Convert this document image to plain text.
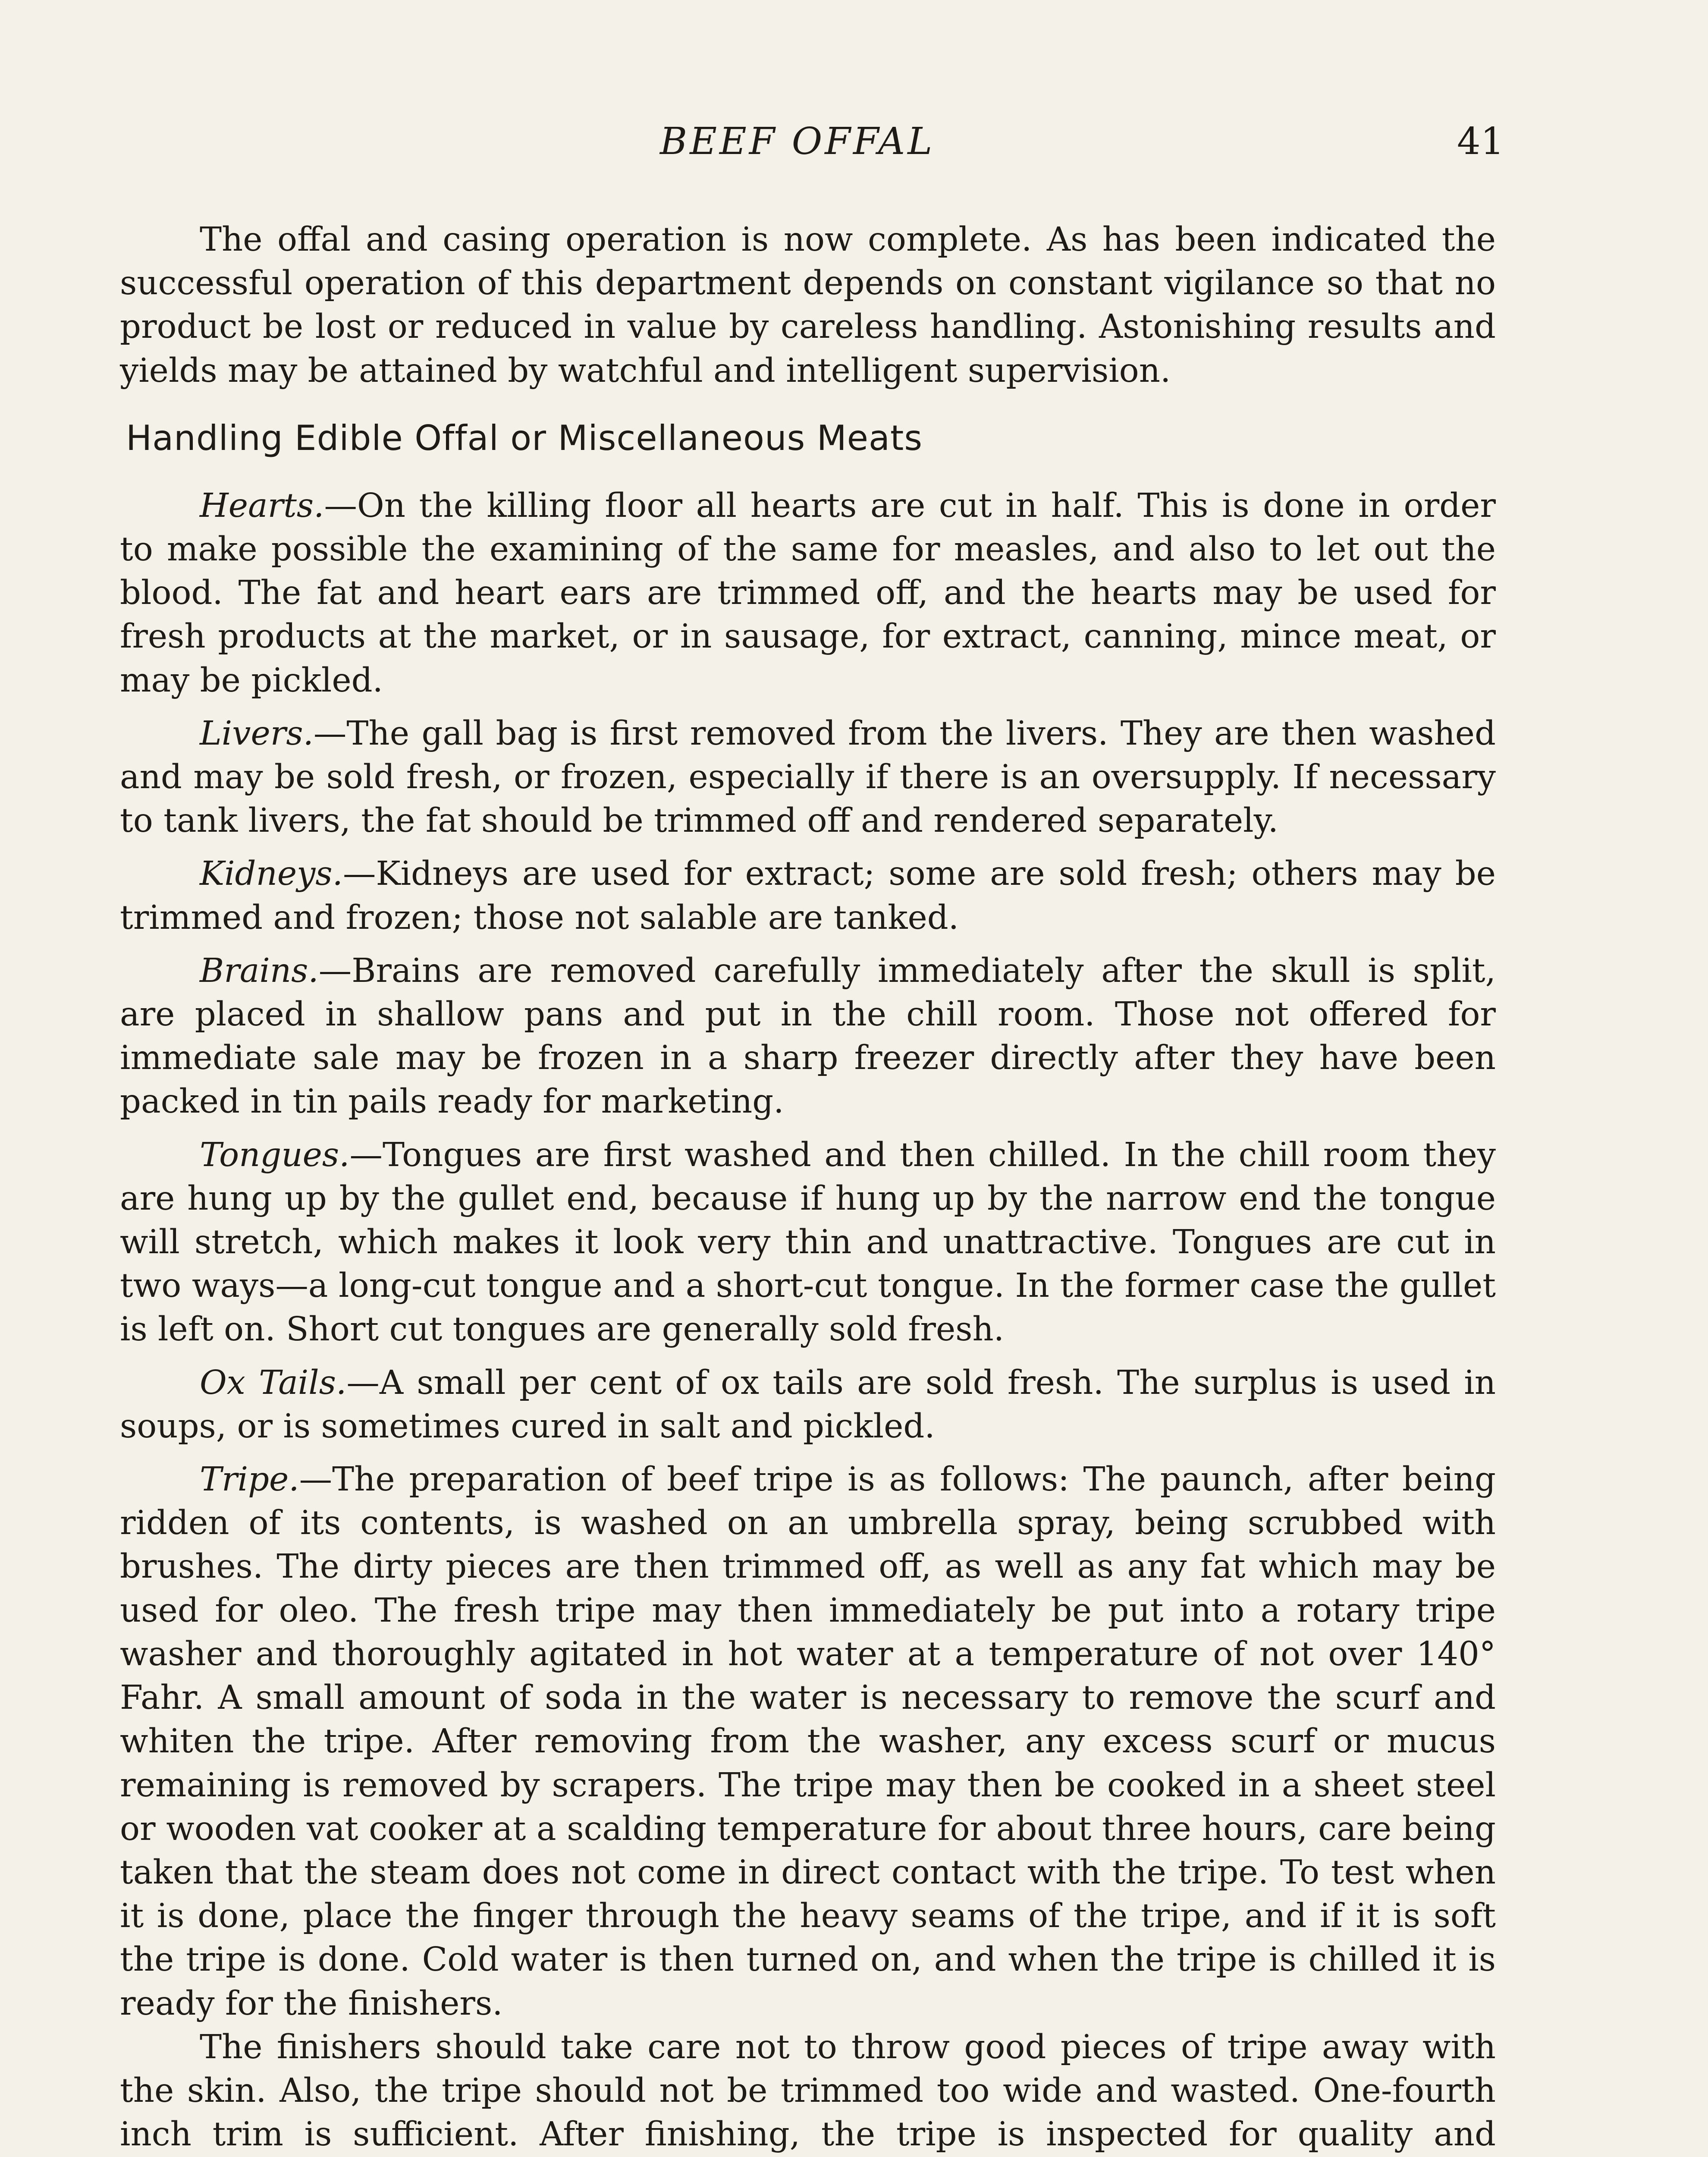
BEEF OFFAL	41

The offal and casing operation is now complete. As has been indicated the successful operation of this department depends on constant vigilance so that no product be lost or reduced in value by careless handling. Astonishing results and yields may be attained by watchful and intelligent supervision.

Handling Edible Offal or Miscellaneous Meats

Hearts.—On the killing floor all hearts are cut in half. This is done in order to make possible the examining of the same for measles, and also to let out the blood. The fat and heart ears are trimmed off, and the hearts may be used for fresh products at the market, or in sausage, for extract, canning, mince meat, or may be pickled.

Livers.—The gall bag is first removed from the livers. They are then washed and may be sold fresh, or frozen, especially if there is an oversupply. If necessary to tank livers, the fat should be trimmed off and rendered separately.

Kidneys.—Kidneys are used for extract; some are sold fresh; others may be trimmed and frozen; those not salable are tanked.

Brains.—Brains are removed carefully immediately after the skull is split, are placed in shallow pans and put in the chill room. Those not offered for immediate sale may be frozen in a sharp freezer directly after they have been packed in tin pails ready for marketing.

Tongues.—Tongues are first washed and then chilled. In the chill room they are hung up by the gullet end, because if hung up by the narrow end the tongue will stretch, which makes it look very thin and unattractive. Tongues are cut in two ways—a long-cut tongue and a short-cut tongue. In the former case the gullet is left on. Short cut tongues are generally sold fresh.

Ox Tails.—A small per cent of ox tails are sold fresh. The surplus is used in soups, or is sometimes cured in salt and pickled.

Tripe.—The preparation of beef tripe is as follows: The paunch, after being ridden of its contents, is washed on an umbrella spray, being scrubbed with brushes. The dirty pieces are then trimmed off, as well as any fat which may be used for oleo. The fresh tripe may then immediately be put into a rotary tripe washer and thoroughly agitated in hot water at a temperature of not over 140° Fahr. A small amount of soda in the water is necessary to remove the scurf and whiten the tripe. After removing from the washer, any excess scurf or mucus remaining is removed by scrapers. The tripe may then be cooked in a sheet steel or wooden vat cooker at a scalding temperature for about three hours, care being taken that the steam does not come in direct contact with the tripe. To test when it is done, place the finger through the heavy seams of the tripe, and if it is soft the tripe is done. Cold water is then turned on, and when the tripe is chilled it is ready for the finishers.

The finishers should take care not to throw good pieces of tripe away with the skin. Also, the tripe should not be trimmed too wide and wasted. One-fourth inch trim is sufficient. After finishing, the tripe is inspected for quality and
